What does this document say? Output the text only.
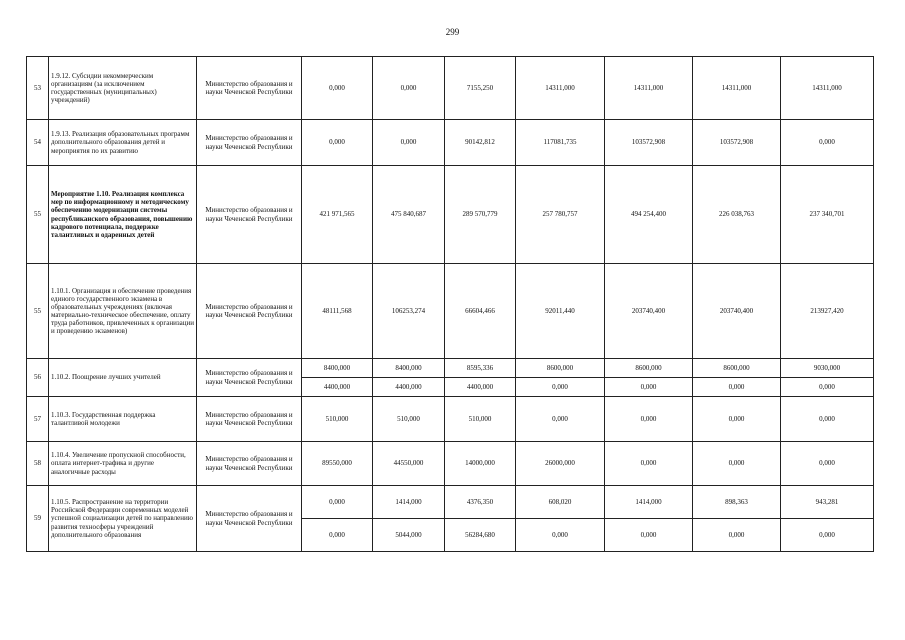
299
53	1.9.12. Субсидии некоммерческим организациям (за исключением государственных (муниципальных) учреждений)	Министерство образования и науки Чеченской Республики	0,000	0,000	7155,250	14311,000	14311,000	14311,000	14311,000
54	1.9.13. Реализация образовательных программ дополнительного образования детей и мероприятия по их развитию	Министерство образования и науки Чеченской Республики	0,000	0,000	90142,812	117081,735	103572,908	103572,908	0,000
55	Мероприятие 1.10. Реализация комплекса мер по информационному и методическому обеспечению модернизации системы республиканского образования, повышению кадрового потенциала, поддержке талантливых и одаренных детей	Министерство образования и науки Чеченской Республики	421 971,565	475 840,687	289 570,779	257 780,757	494 254,400	226 038,763	237 340,701
55	1.10.1. Организация и обеспечение проведения единого государственного экзамена в образовательных учреждениях (включая материально-техническое обеспечение, оплату труда работников, привлеченных к организации и проведению экзаменов)	Министерство образования и науки Чеченской Республики	48111,568	106253,274	66604,466	92011,440	203740,400	203740,400	213927,420
56	1.10.2. Поощрение лучших учителей	Министерство образования и науки Чеченской Республики	8400,000	8400,000	8595,336	8600,000	8600,000	8600,000	9030,000
			4400,000	4400,000	4400,000	0,000	0,000	0,000	0,000
57	1.10.3. Государственная поддержка талантливой молодежи	Министерство образования и науки Чеченской Республики	510,000	510,000	510,000	0,000	0,000	0,000	0,000
58	1.10.4. Увеличение пропускной способности, оплата интернет-трафика и другие аналогичные расходы	Министерство образования и науки Чеченской Республики	89550,000	44550,000	14000,000	26000,000	0,000	0,000	0,000
59	1.10.5. Распространение на территории Российской Федерации современных моделей успешной социализации детей по направлению развития техносферы учреждений дополнительного образования	Министерство образования и науки Чеченской Республики	0,000	1414,000	4376,350	608,020	1414,000	898,363	943,281
			0,000	5044,000	56284,680	0,000	0,000	0,000	0,000
